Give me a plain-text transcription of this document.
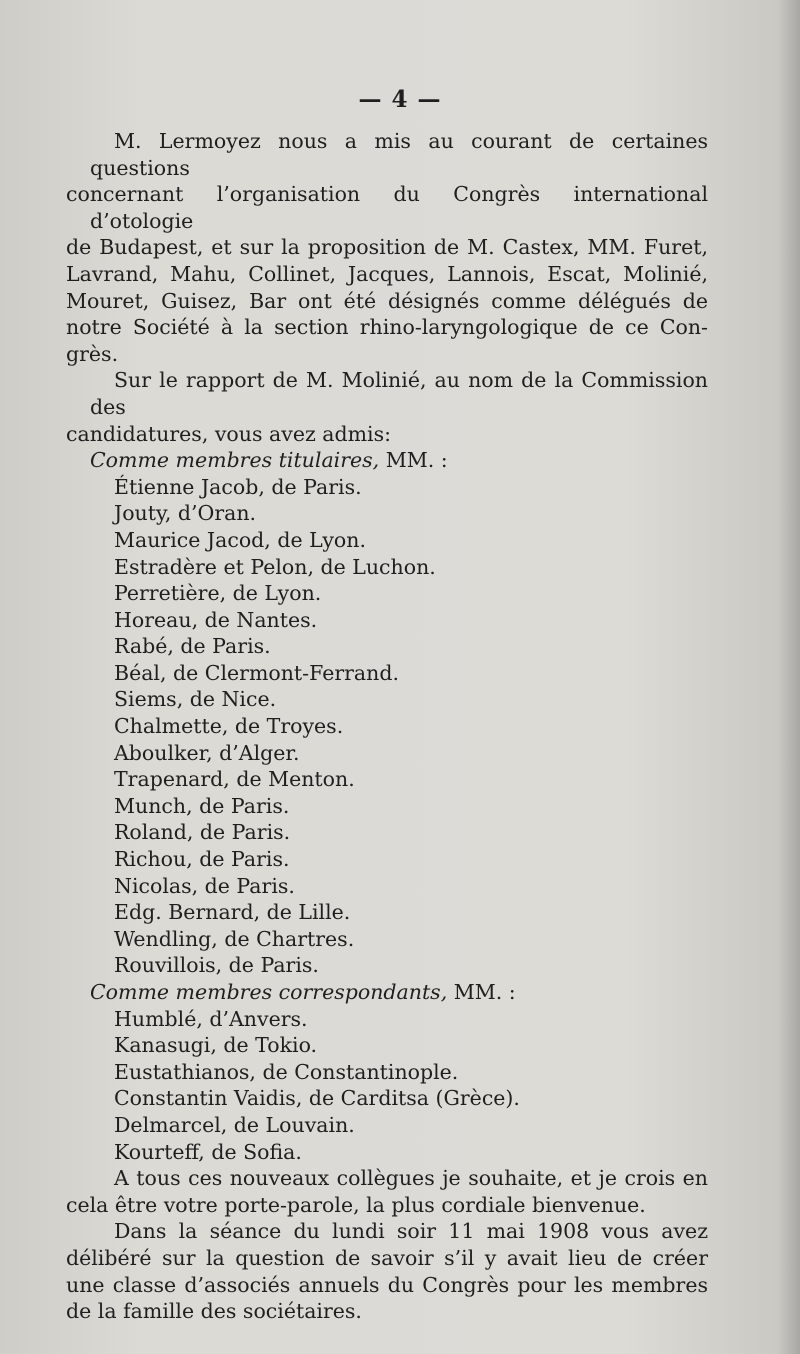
— 4 —
M. Lermoyez nous a mis au courant de certaines questions
concernant l’organisation du Congrès international d’otologie
de Budapest, et sur la proposition de M. Castex, MM. Furet,
Lavrand, Mahu, Collinet, Jacques, Lannois, Escat, Molinié,
Mouret, Guisez, Bar ont été désignés comme délégués de
notre Société à la section rhino-laryngologique de ce Con-
grès.
Sur le rapport de M. Molinié, au nom de la Commission des
candidatures, vous avez admis:
Comme membres titulaires, MM. :
Étienne Jacob, de Paris.
Jouty, d’Oran.
Maurice Jacod, de Lyon.
Estradère et Pelon, de Luchon.
Perretière, de Lyon.
Horeau, de Nantes.
Rabé, de Paris.
Béal, de Clermont-Ferrand.
Siems, de Nice.
Chalmette, de Troyes.
Aboulker, d’Alger.
Trapenard, de Menton.
Munch, de Paris.
Roland, de Paris.
Richou, de Paris.
Nicolas, de Paris.
Edg. Bernard, de Lille.
Wendling, de Chartres.
Rouvillois, de Paris.
Comme membres correspondants, MM. :
Humblé, d’Anvers.
Kanasugi, de Tokio.
Eustathianos, de Constantinople.
Constantin Vaidis, de Carditsa (Grèce).
Delmarcel, de Louvain.
Kourteff, de Sofia.
A tous ces nouveaux collègues je souhaite, et je crois en
cela être votre porte-parole, la plus cordiale bienvenue.
Dans la séance du lundi soir 11 mai 1908 vous avez
délibéré sur la question de savoir s’il y avait lieu de créer
une classe d’associés annuels du Congrès pour les membres
de la famille des sociétaires.
